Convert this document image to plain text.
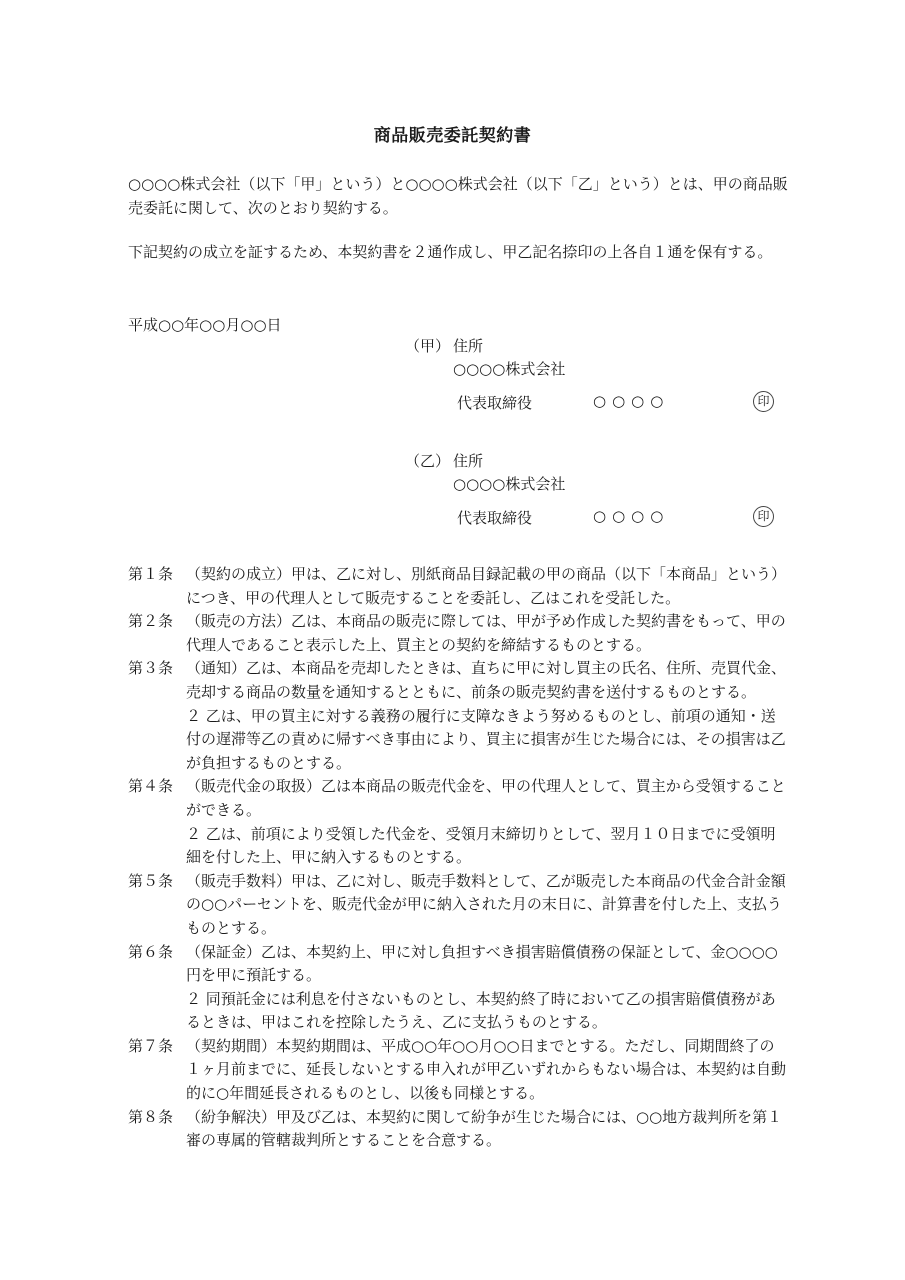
商品販売委託契約書
○○○○株式会社（以下「甲」という）と○○○○株式会社（以下「乙」という）とは、甲の商品販売委託に関して、次のとおり契約する。
下記契約の成立を証するため、本契約書を２通作成し、甲乙記名捺印の上各自１通を保有する。
平成○○年○○月○○日
（甲） 住所
○○○○株式会社
代表取締役	○○○○	印
（乙） 住所
○○○○株式会社
代表取締役	○○○○	印
第１条 （契約の成立）甲は、乙に対し、別紙商品目録記載の甲の商品（以下「本商品」という）につき、甲の代理人として販売することを委託し、乙はこれを受託した。
第２条 （販売の方法）乙は、本商品の販売に際しては、甲が予め作成した契約書をもって、甲の代理人であること表示した上、買主との契約を締結するものとする。
第３条 （通知）乙は、本商品を売却したときは、直ちに甲に対し買主の氏名、住所、売買代金、売却する商品の数量を通知するとともに、前条の販売契約書を送付するものとする。
２ 乙は、甲の買主に対する義務の履行に支障なきよう努めるものとし、前項の通知・送付の遅滞等乙の責めに帰すべき事由により、買主に損害が生じた場合には、その損害は乙が負担するものとする。
第４条 （販売代金の取扱）乙は本商品の販売代金を、甲の代理人として、買主から受領することができる。
２ 乙は、前項により受領した代金を、受領月末締切りとして、翌月１０日までに受領明細を付した上、甲に納入するものとする。
第５条 （販売手数料）甲は、乙に対し、販売手数料として、乙が販売した本商品の代金合計金額の○○パーセントを、販売代金が甲に納入された月の末日に、計算書を付した上、支払うものとする。
第６条 （保証金）乙は、本契約上、甲に対し負担すべき損害賠償債務の保証として、金○○○○円を甲に預託する。
２ 同預託金には利息を付さないものとし、本契約終了時において乙の損害賠償債務があるときは、甲はこれを控除したうえ、乙に支払うものとする。
第７条 （契約期間）本契約期間は、平成○○年○○月○○日までとする。ただし、同期間終了の１ヶ月前までに、延長しないとする申入れが甲乙いずれからもない場合は、本契約は自動的に○年間延長されるものとし、以後も同様とする。
第８条 （紛争解決）甲及び乙は、本契約に関して紛争が生じた場合には、○○地方裁判所を第１審の専属的管轄裁判所とすることを合意する。
